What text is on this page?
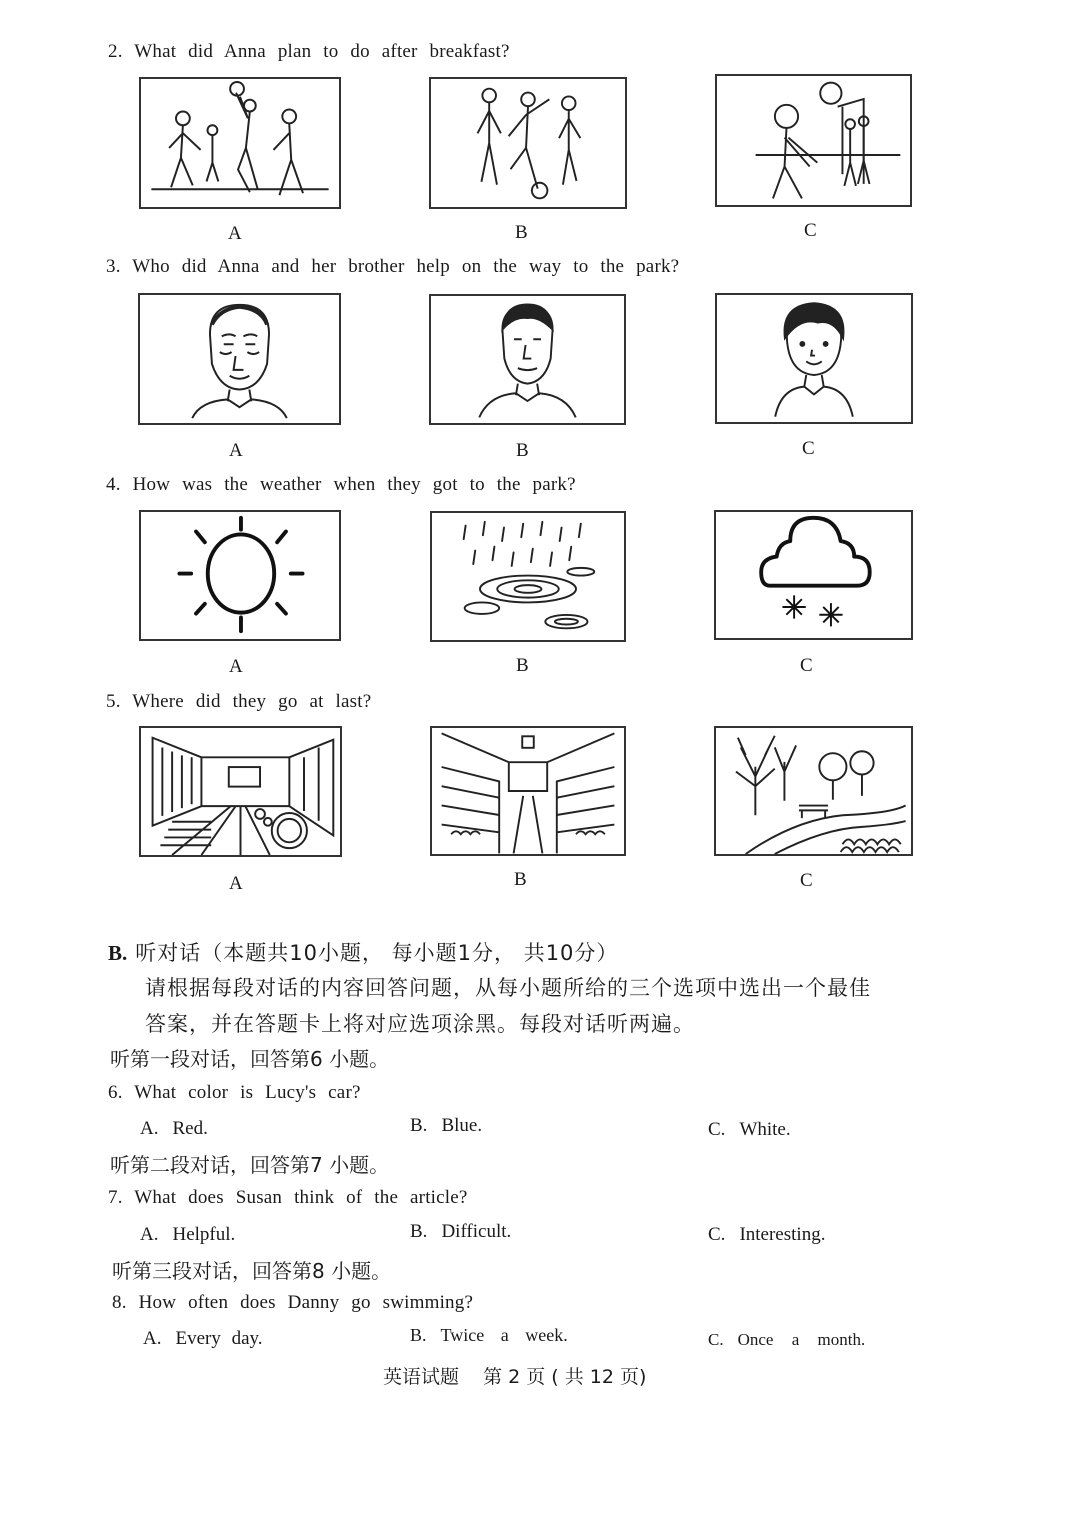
2. What did Anna plan to do after breakfast?
A	B	C
3. Who did Anna and her brother help on the way to the park?
A	B	C
4. How was the weather when they got to the park?
A	B	C
5. Where did they go at last?
A	B	C
B. 听对话（本题共10小题， 每小题1分， 共10分）
请根据每段对话的内容回答问题，从每小题所给的三个选项中选出一个最佳
答案，并在答题卡上将对应选项涂黑。每段对话听两遍。
听第一段对话，回答第6 小题。
6. What color is Lucy's car?
A. Red.	B. Blue.	C. White.
听第二段对话，回答第7 小题。
7. What does Susan think of the article?
A. Helpful.	B. Difficult.	C. Interesting.
听第三段对话，回答第8 小题。
8. How often does Danny go swimming?
A. Every day.	B. Twice a week.	C. Once a month.
英语试题 第 2 页 ( 共 12 页)
